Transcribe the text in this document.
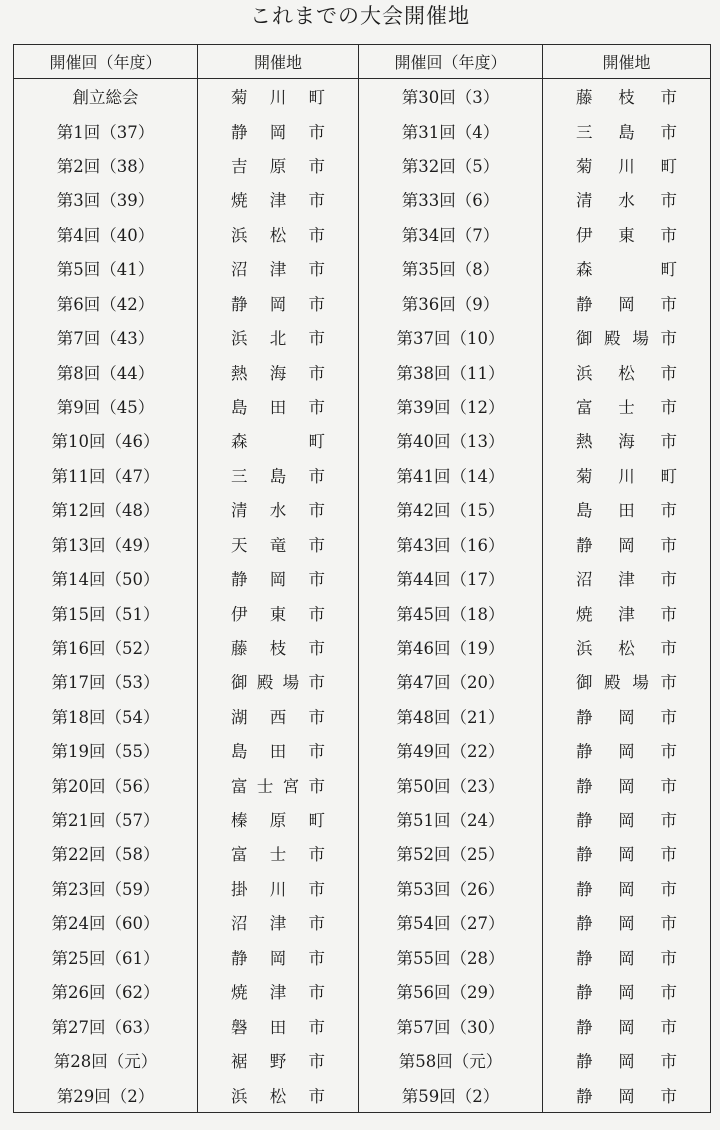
これまでの大会開催地
開催回（年度）	開催地	開催回（年度）	開催地
創立総会	菊川町	第30回（3）	藤枝市
第1回（37）	静岡市	第31回（4）	三島市
第2回（38）	吉原市	第32回（5）	菊川町
第3回（39）	焼津市	第33回（6）	清水市
第4回（40）	浜松市	第34回（7）	伊東市
第5回（41）	沼津市	第35回（8）	森　町
第6回（42）	静岡市	第36回（9）	静岡市
第7回（43）	浜北市	第37回（10）	御殿場市
第8回（44）	熱海市	第38回（11）	浜松市
第9回（45）	島田市	第39回（12）	富士市
第10回（46）	森　町	第40回（13）	熱海市
第11回（47）	三島市	第41回（14）	菊川町
第12回（48）	清水市	第42回（15）	島田市
第13回（49）	天竜市	第43回（16）	静岡市
第14回（50）	静岡市	第44回（17）	沼津市
第15回（51）	伊東市	第45回（18）	焼津市
第16回（52）	藤枝市	第46回（19）	浜松市
第17回（53）	御殿場市	第47回（20）	御殿場市
第18回（54）	湖西市	第48回（21）	静岡市
第19回（55）	島田市	第49回（22）	静岡市
第20回（56）	富士宮市	第50回（23）	静岡市
第21回（57）	榛原町	第51回（24）	静岡市
第22回（58）	富士市	第52回（25）	静岡市
第23回（59）	掛川市	第53回（26）	静岡市
第24回（60）	沼津市	第54回（27）	静岡市
第25回（61）	静岡市	第55回（28）	静岡市
第26回（62）	焼津市	第56回（29）	静岡市
第27回（63）	磐田市	第57回（30）	静岡市
第28回（元）	裾野市	第58回（元）	静岡市
第29回（2）	浜松市	第59回（2）	静岡市
